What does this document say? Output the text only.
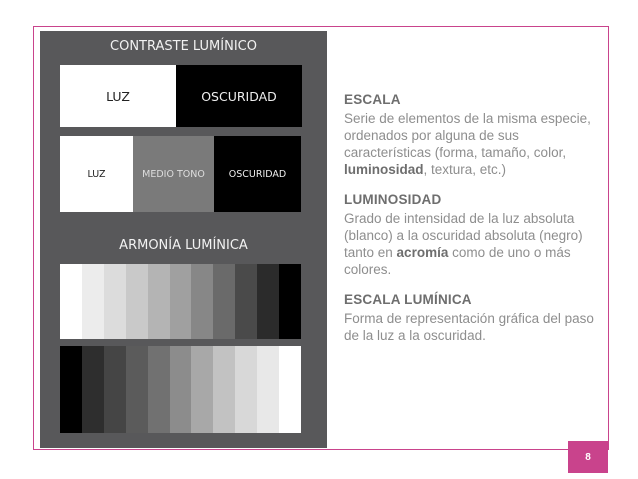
CONTRASTE LUMÍNICO
LUZ	OSCURIDAD
LUZ	MEDIO TONO	OSCURIDAD
ARMONÍA LUMÍNICA
ESCALA
Serie de elementos de la misma especie, ordenados por alguna de sus características (forma, tamaño, color, luminosidad, textura, etc.)
LUMINOSIDAD
Grado de intensidad de la luz absoluta (blanco) a la oscuridad absoluta (negro) tanto en acromía como de uno o más colores.
ESCALA LUMÍNICA
Forma de representación gráfica del paso de la luz a la oscuridad.
8
